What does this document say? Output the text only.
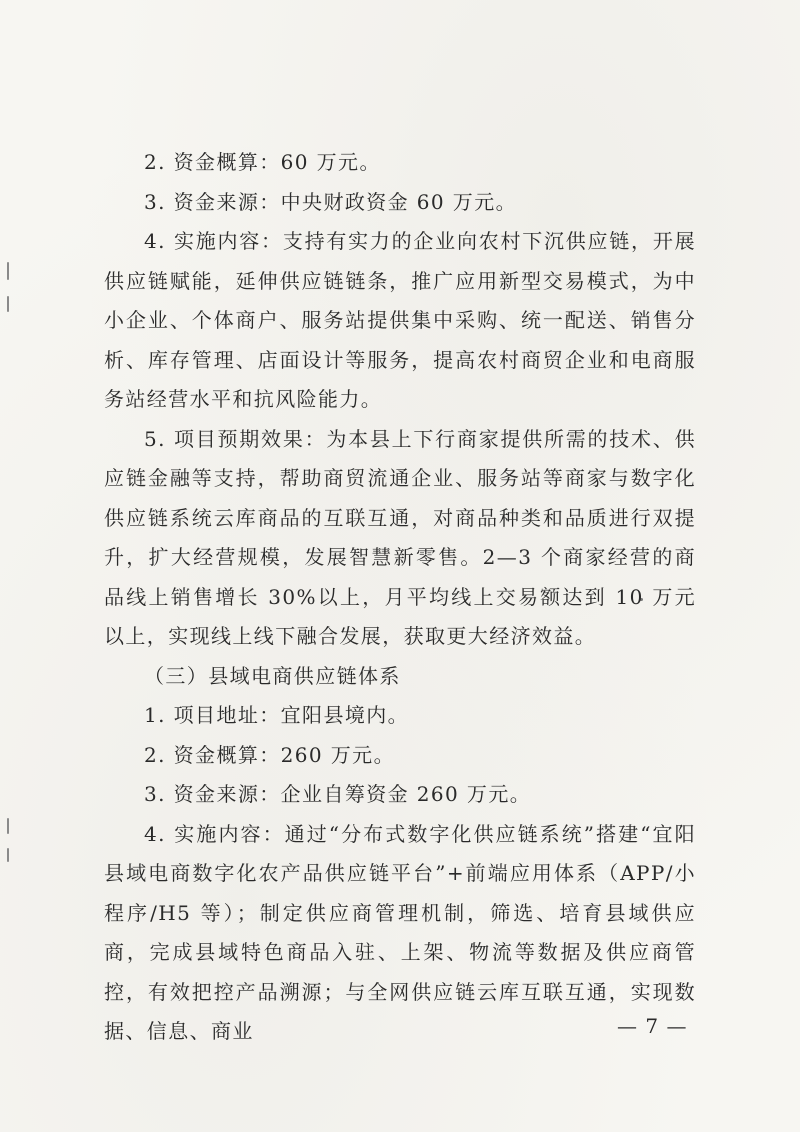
2. 资金概算：60 万元。

3. 资金来源：中央财政资金 60 万元。

4. 实施内容：支持有实力的企业向农村下沉供应链，开展供应链赋能，延伸供应链链条，推广应用新型交易模式，为中小企业、个体商户、服务站提供集中采购、统一配送、销售分析、库存管理、店面设计等服务，提高农村商贸企业和电商服务站经营水平和抗风险能力。

5. 项目预期效果：为本县上下行商家提供所需的技术、供应链金融等支持，帮助商贸流通企业、服务站等商家与数字化供应链系统云库商品的互联互通，对商品种类和品质进行双提升，扩大经营规模，发展智慧新零售。2—3 个商家经营的商品线上销售增长 30%以上，月平均线上交易额达到 10 万元以上，实现线上线下融合发展，获取更大经济效益。

（三）县域电商供应链体系

1. 项目地址：宜阳县境内。

2. 资金概算：260 万元。

3. 资金来源：企业自筹资金 260 万元。

4. 实施内容：通过“分布式数字化供应链系统”搭建“宜阳县域电商数字化农产品供应链平台”+前端应用体系（APP/小程序/H5 等）；制定供应商管理机制，筛选、培育县域供应商，完成县域特色商品入驻、上架、物流等数据及供应商管控，有效把控产品溯源；与全网供应链云库互联互通，实现数据、信息、商业	— 7 —
